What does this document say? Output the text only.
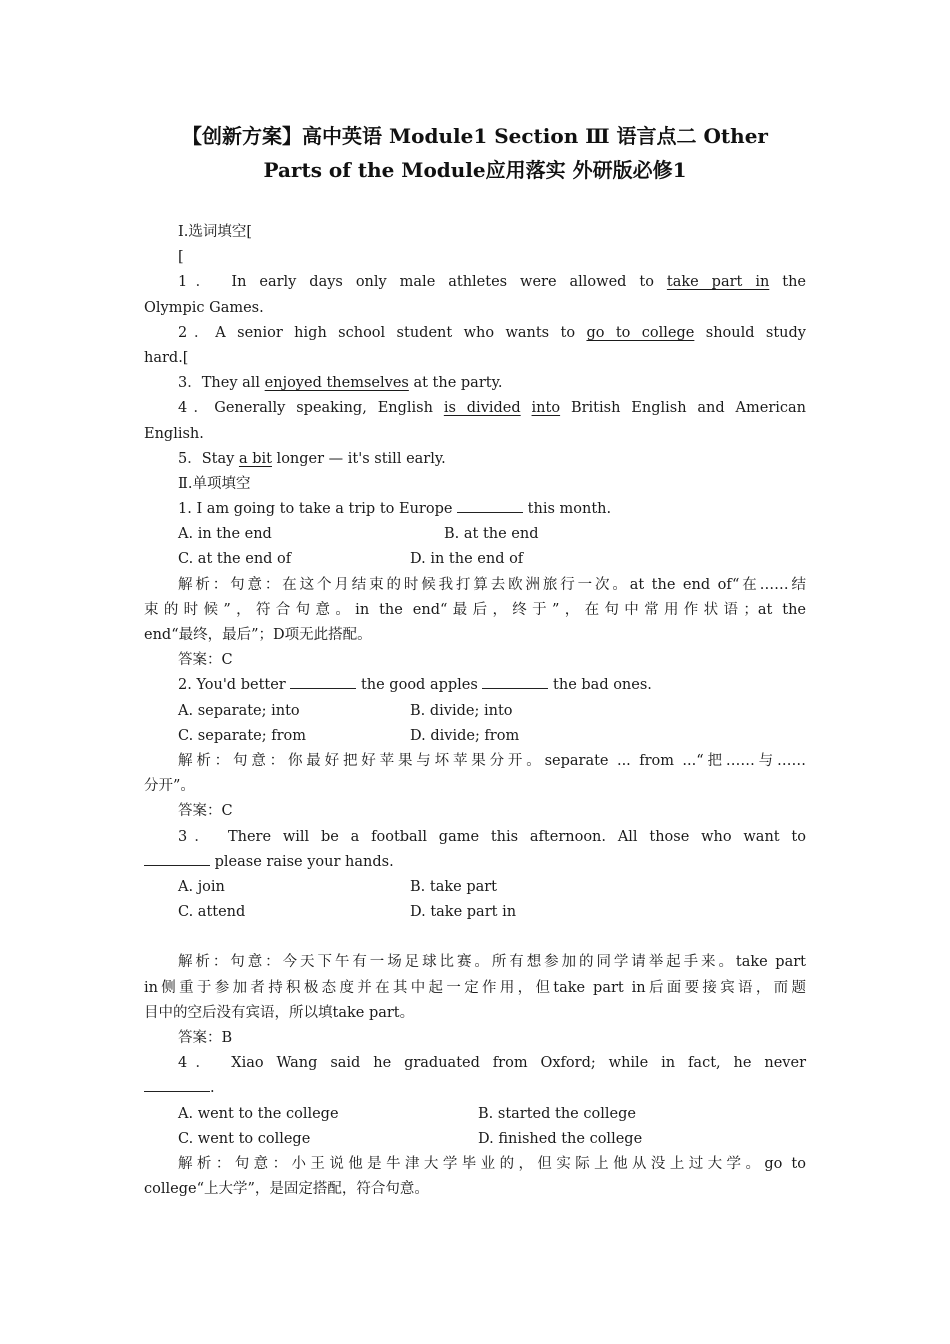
【创新方案】高中英语 Module1 Section Ⅲ 语言点二 Other
Parts of the Module应用落实 外研版必修1
Ⅰ.选词填空[
[
1． In early days only male athletes were allowed to take part in the
Olympic Games.
2．A senior high school student who wants to go to college should study
hard.[
3．They all enjoyed themselves at the party.
4．Generally speaking, English is divided into British English and American
English.
5．Stay a bit longer — it's still early.
Ⅱ.单项填空
1. I am going to take a trip to Europe	this month.
A. in the end	B. at the end
C. at the end of	D. in the end of
解析：句意：在这个月结束的时候我打算去欧洲旅行一次。at the end of“在……结
束的时候”，符合句意。in the end“最后，终于”，在句中常用作状语；at the
end“最终，最后”；D项无此搭配。
答案：C
2. You'd better	the good apples	the bad ones.
A. separate; into	B. divide; into
C. separate; from	D. divide; from
解析：句意：你最好把好苹果与坏苹果分开。separate ... from ...“把……与……
分开”。
答案：C
3． There will be a football game this afternoon. All those who want to
please raise your hands.
A. join	B. take part
C. attend	D. take part in
解析：句意：今天下午有一场足球比赛。所有想参加的同学请举起手来。take part
in侧重于参加者持积极态度并在其中起一定作用，但take part in后面要接宾语，而题
目中的空后没有宾语，所以填take part。
答案：B
4． Xiao Wang said he graduated from Oxford; while in fact, he never
.
A. went to the college	B. started the college
C. went to college	D. finished the college
解析：句意：小王说他是牛津大学毕业的，但实际上他从没上过大学。go to
college“上大学”，是固定搭配，符合句意。
